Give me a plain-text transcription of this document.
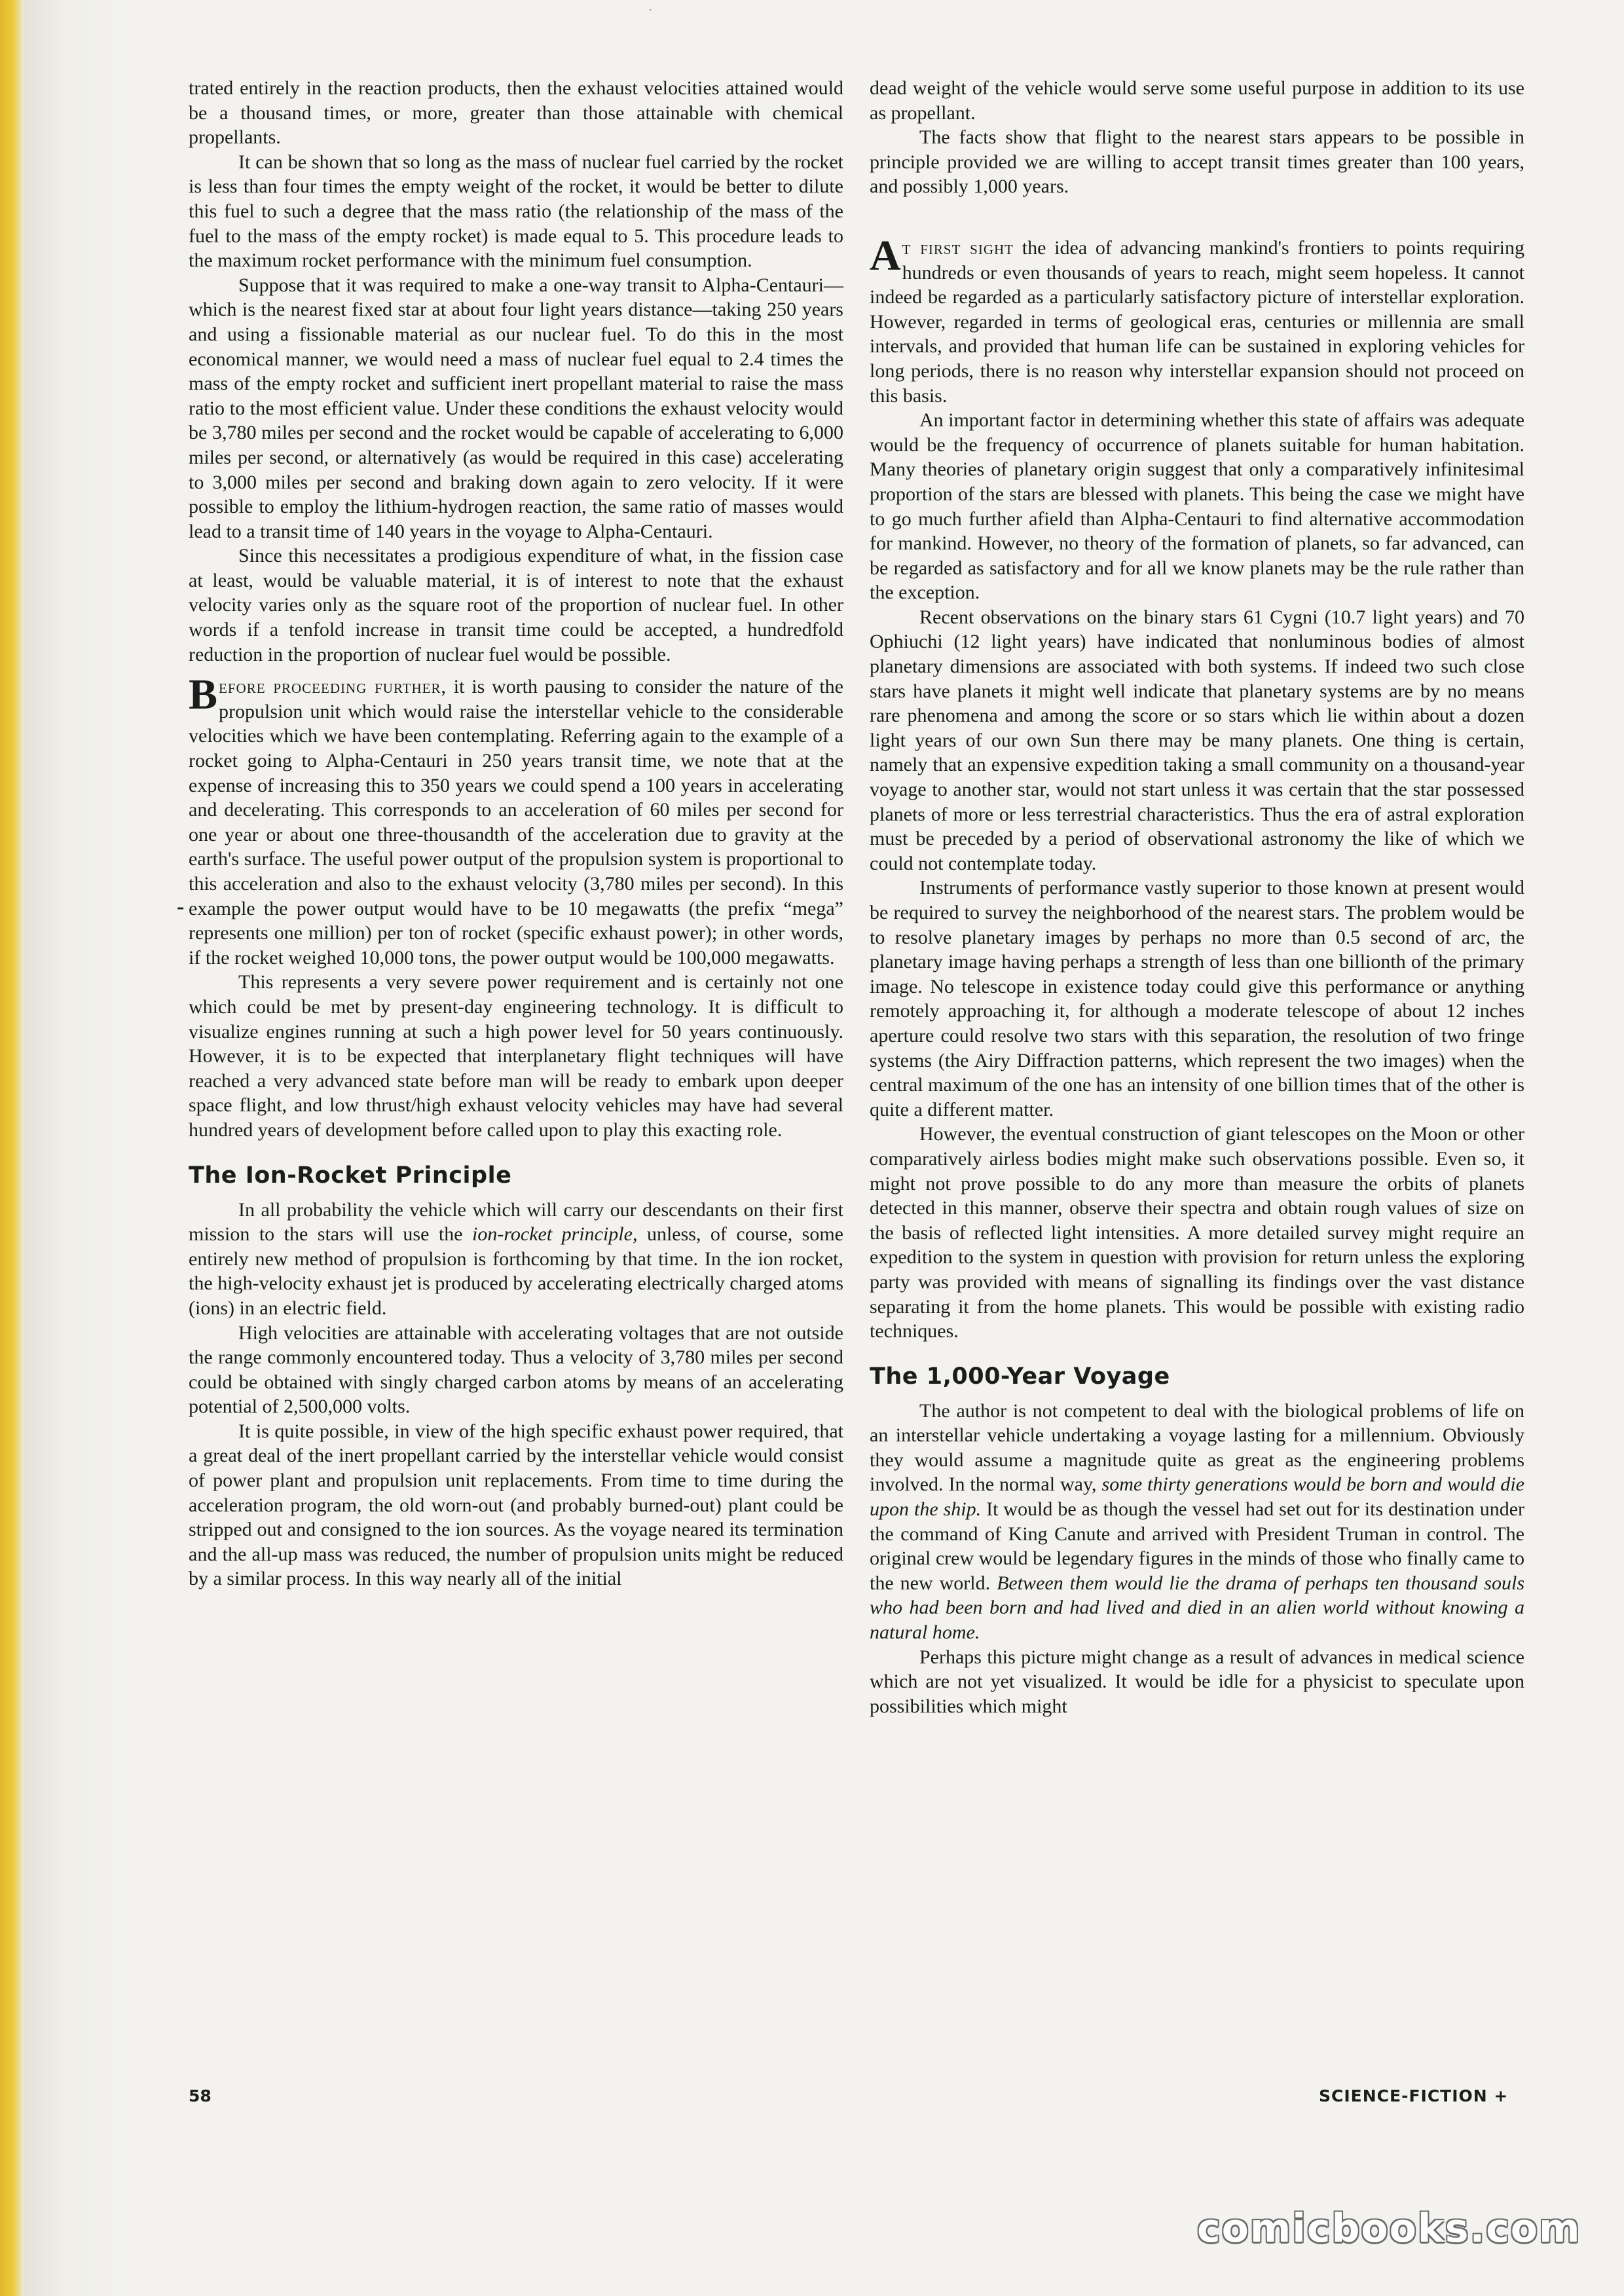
˙
-

trated entirely in the reaction products, then the exhaust velocities attained would be a thousand times, or more, greater than those attainable with chemical propellants.

It can be shown that so long as the mass of nuclear fuel carried by the rocket is less than four times the empty weight of the rocket, it would be better to dilute this fuel to such a degree that the mass ratio (the relationship of the mass of the fuel to the mass of the empty rocket) is made equal to 5. This procedure leads to the maximum rocket performance with the minimum fuel consumption.

Suppose that it was required to make a one-way transit to Alpha-Centauri—which is the nearest fixed star at about four light years distance—taking 250 years and using a fissionable material as our nuclear fuel. To do this in the most economical manner, we would need a mass of nuclear fuel equal to 2.4 times the mass of the empty rocket and sufficient inert propellant material to raise the mass ratio to the most efficient value. Under these conditions the exhaust velocity would be 3,780 miles per second and the rocket would be capable of accelerating to 6,000 miles per second, or alternatively (as would be required in this case) accelerating to 3,000 miles per second and braking down again to zero velocity. If it were possible to employ the lithium-hydrogen reaction, the same ratio of masses would lead to a transit time of 140 years in the voyage to Alpha-Centauri.

Since this necessitates a prodigious expenditure of what, in the fission case at least, would be valuable material, it is of interest to note that the exhaust velocity varies only as the square root of the proportion of nuclear fuel. In other words if a tenfold increase in transit time could be accepted, a hundredfold reduction in the proportion of nuclear fuel would be possible.

Before proceeding further, it is worth pausing to consider the nature of the propulsion unit which would raise the interstellar vehicle to the considerable velocities which we have been contemplating. Referring again to the example of a rocket going to Alpha-Centauri in 250 years transit time, we note that at the expense of increasing this to 350 years we could spend a 100 years in accelerating and decelerating. This corresponds to an acceleration of 60 miles per second for one year or about one three-thousandth of the acceleration due to gravity at the earth's surface. The useful power output of the propulsion system is proportional to this acceleration and also to the exhaust velocity (3,780 miles per second). In this example the power output would have to be 10 megawatts (the prefix “mega” represents one million) per ton of rocket (specific exhaust power); in other words, if the rocket weighed 10,000 tons, the power output would be 100,000 megawatts.

This represents a very severe power requirement and is certainly not one which could be met by present-day engineering technology. It is difficult to visualize engines running at such a high power level for 50 years continuously. However, it is to be expected that interplanetary flight techniques will have reached a very advanced state before man will be ready to embark upon deeper space flight, and low thrust/high exhaust velocity vehicles may have had several hundred years of development before called upon to play this exacting role.

The Ion-Rocket Principle

In all probability the vehicle which will carry our descendants on their first mission to the stars will use the ion-rocket principle, unless, of course, some entirely new method of propulsion is forthcoming by that time. In the ion rocket, the high-velocity exhaust jet is produced by accelerating electrically charged atoms (ions) in an electric field.

High velocities are attainable with accelerating voltages that are not outside the range commonly encountered today. Thus a velocity of 3,780 miles per second could be obtained with singly charged carbon atoms by means of an accelerating potential of 2,500,000 volts.

It is quite possible, in view of the high specific exhaust power required, that a great deal of the inert propellant carried by the interstellar vehicle would consist of power plant and propulsion unit replacements. From time to time during the acceleration program, the old worn-out (and probably burned-out) plant could be stripped out and consigned to the ion sources. As the voyage neared its termination and the all-up mass was reduced, the number of propulsion units might be reduced by a similar process. In this way nearly all of the initial

dead weight of the vehicle would serve some useful purpose in addition to its use as propellant.

The facts show that flight to the nearest stars appears to be possible in principle provided we are willing to accept transit times greater than 100 years, and possibly 1,000 years.

At first sight the idea of advancing mankind's frontiers to points requiring hundreds or even thousands of years to reach, might seem hopeless. It cannot indeed be regarded as a particularly satisfactory picture of interstellar exploration. However, regarded in terms of geological eras, centuries or millennia are small intervals, and provided that human life can be sustained in exploring vehicles for long periods, there is no reason why interstellar expansion should not proceed on this basis.

An important factor in determining whether this state of affairs was adequate would be the frequency of occurrence of planets suitable for human habitation. Many theories of planetary origin suggest that only a comparatively infinitesimal proportion of the stars are blessed with planets. This being the case we might have to go much further afield than Alpha-Centauri to find alternative accommodation for mankind. However, no theory of the formation of planets, so far advanced, can be regarded as satisfactory and for all we know planets may be the rule rather than the exception.

Recent observations on the binary stars 61 Cygni (10.7 light years) and 70 Ophiuchi (12 light years) have indicated that nonluminous bodies of almost planetary dimensions are associated with both systems. If indeed two such close stars have planets it might well indicate that planetary systems are by no means rare phenomena and among the score or so stars which lie within about a dozen light years of our own Sun there may be many planets. One thing is certain, namely that an expensive expedition taking a small community on a thousand-year voyage to another star, would not start unless it was certain that the star possessed planets of more or less terrestrial characteristics. Thus the era of astral exploration must be preceded by a period of observational astronomy the like of which we could not contemplate today.

Instruments of performance vastly superior to those known at present would be required to survey the neighborhood of the nearest stars. The problem would be to resolve planetary images by perhaps no more than 0.5 second of arc, the planetary image having perhaps a strength of less than one billionth of the primary image. No telescope in existence today could give this performance or anything remotely approaching it, for although a moderate telescope of about 12 inches aperture could resolve two stars with this separation, the resolution of two fringe systems (the Airy Diffraction patterns, which represent the two images) when the central maximum of the one has an intensity of one billion times that of the other is quite a different matter.

However, the eventual construction of giant telescopes on the Moon or other comparatively airless bodies might make such observations possible. Even so, it might not prove possible to do any more than measure the orbits of planets detected in this manner, observe their spectra and obtain rough values of size on the basis of reflected light intensities. A more detailed survey might require an expedition to the system in question with provision for return unless the exploring party was provided with means of signalling its findings over the vast distance separating it from the home planets. This would be possible with existing radio techniques.

The 1,000-Year Voyage

The author is not competent to deal with the biological problems of life on an interstellar vehicle undertaking a voyage lasting for a millennium. Obviously they would assume a magnitude quite as great as the engineering problems involved. In the normal way, some thirty generations would be born and would die upon the ship. It would be as though the vessel had set out for its destination under the command of King Canute and arrived with President Truman in control. The original crew would be legendary figures in the minds of those who finally came to the new world. Between them would lie the drama of perhaps ten thousand souls who had been born and had lived and died in an alien world without knowing a natural home.

Perhaps this picture might change as a result of advances in medical science which are not yet visualized. It would be idle for a physicist to speculate upon possibilities which might

58	SCIENCE-FICTION +
comicbooks.com
